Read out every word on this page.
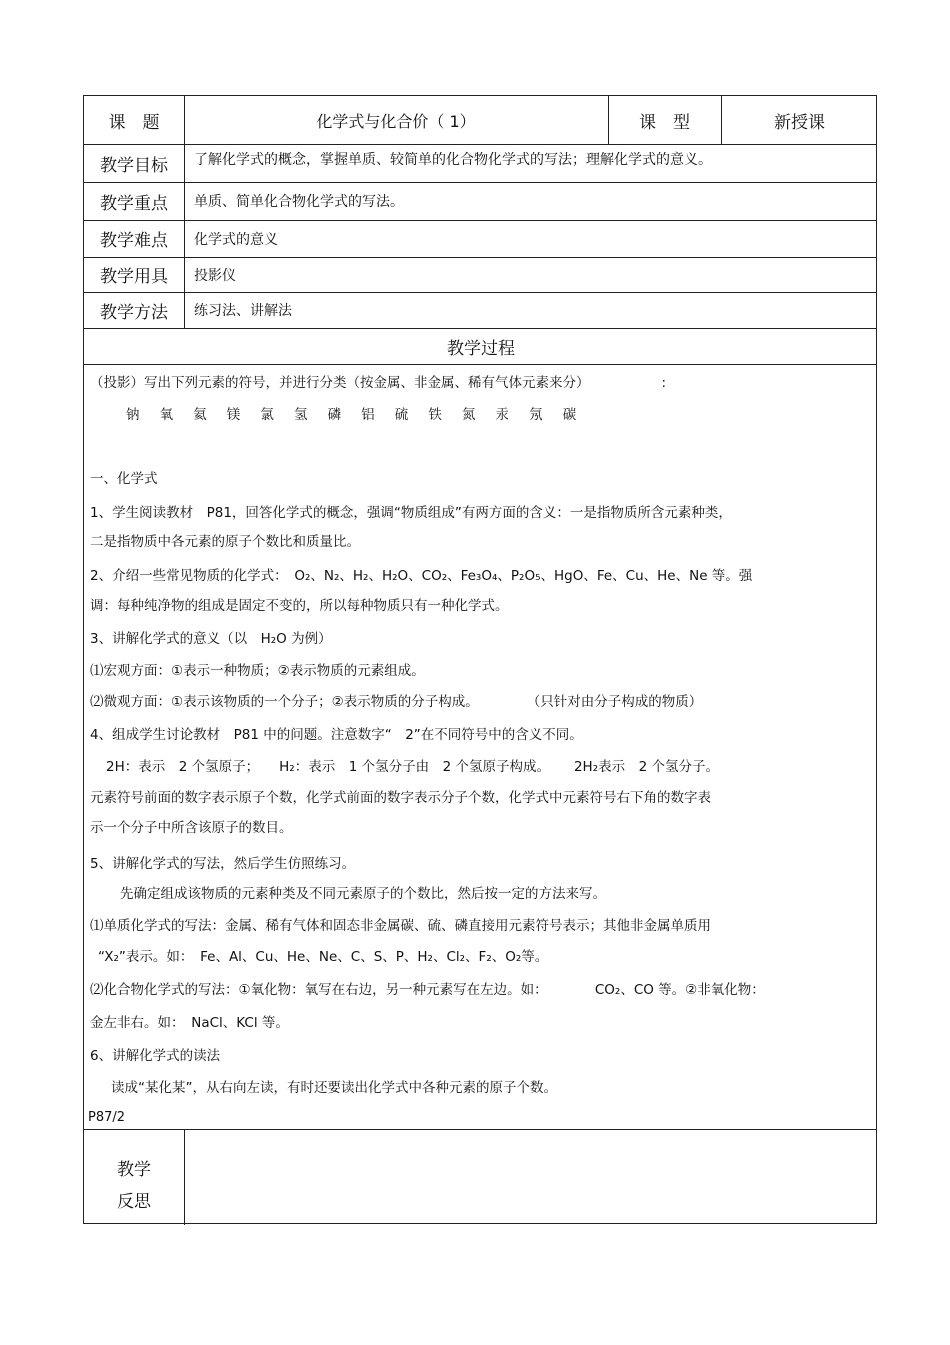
课　题	化学式与化合价（ 1）	课　型	新授课
教学目标	了解化学式的概念，掌握单质、较简单的化合物化学式的写法；理解化学式的意义。
教学重点	单质、简单化合物化学式的写法。
教学难点	化学式的意义
教学用具	投影仪
教学方法	练习法、讲解法
教学过程
（投影）写出下列元素的符号，并进行分类（按金属、非金属、稀有气体元素来分）	:
钠 氧 氦 镁 氯 氢 磷 铝 硫 铁 氮 汞 氖 碳
一、化学式
1、学生阅读教材　P81，回答化学式的概念，强调“物质组成”有两方面的含义：一是指物质所含元素种类，
二是指物质中各元素的原子个数比和质量比。
2、介绍一些常见物质的化学式：　O₂、N₂、H₂、H₂O、CO₂、Fe₃O₄、P₂O₅、HgO、Fe、Cu、He、Ne 等。强
调：每种纯净物的组成是固定不变的，所以每种物质只有一种化学式。
3、讲解化学式的意义（以　H₂O 为例）
⑴宏观方面：①表示一种物质；②表示物质的元素组成。
⑵微观方面：①表示该物质的一个分子；②表示物质的分子构成。	（只针对由分子构成的物质）
4、组成学生讨论教材　P81 中的问题。注意数字“　2”在不同符号中的含义不同。
2H：表示　2 个氢原子； H₂：表示　1 个氢分子由　2 个氢原子构成。 2H₂表示　2 个氢分子。
元素符号前面的数字表示原子个数，化学式前面的数字表示分子个数，化学式中元素符号右下角的数字表
示一个分子中所含该原子的数目。
5、讲解化学式的写法，然后学生仿照练习。
先确定组成该物质的元素种类及不同元素原子的个数比，然后按一定的方法来写。
⑴单质化学式的写法：金属、稀有气体和固态非金属碳、硫、磷直接用元素符号表示；其他非金属单质用
“X₂”表示。如：　Fe、Al、Cu、He、Ne、C、S、P、H₂、Cl₂、F₂、O₂等。
⑵化合物化学式的写法：①氧化物：氧写在右边，另一种元素写在左边。如：　　　　CO₂、CO 等。②非氧化物：
金左非右。如：　NaCl、KCl 等。
6、讲解化学式的读法
读成“某化某”，从右向左读，有时还要读出化学式中各种元素的原子个数。
P87/2
教学
反思
